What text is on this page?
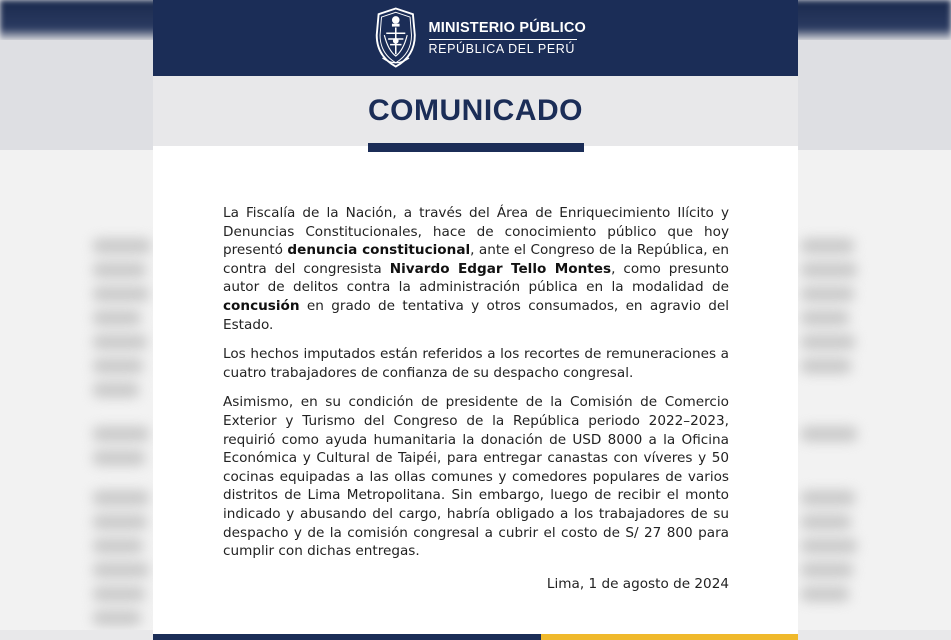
MINISTERIO PÚBLICO
REPÚBLICA DEL PERÚ
COMUNICADO

La Fiscalía de la Nación, a través del Área de Enriquecimiento Ilícito y Denuncias Constitucionales, hace de conocimiento público que hoy presentó denuncia constitucional, ante el Congreso de la República, en contra del congresista Nivardo Edgar Tello Montes, como presunto autor de delitos contra la administración pública en la modalidad de concusión en grado de tentativa y otros consumados, en agravio del Estado.

Los hechos imputados están referidos a los recortes de remuneraciones a cuatro trabajadores de confianza de su despacho congresal.

Asimismo, en su condición de presidente de la Comisión de Comercio Exterior y Turismo del Congreso de la República periodo 2022–2023, requirió como ayuda humanitaria la donación de USD 8000 a la Oficina Económica y Cultural de Taipéi, para entregar canastas con víveres y 50 cocinas equipadas a las ollas comunes y comedores populares de varios distritos de Lima Metropolitana. Sin embargo, luego de recibir el monto indicado y abusando del cargo, habría obligado a los trabajadores de su despacho y de la comisión congresal a cubrir el costo de S/ 27 800 para cumplir con dichas entregas.

Lima, 1 de agosto de 2024
